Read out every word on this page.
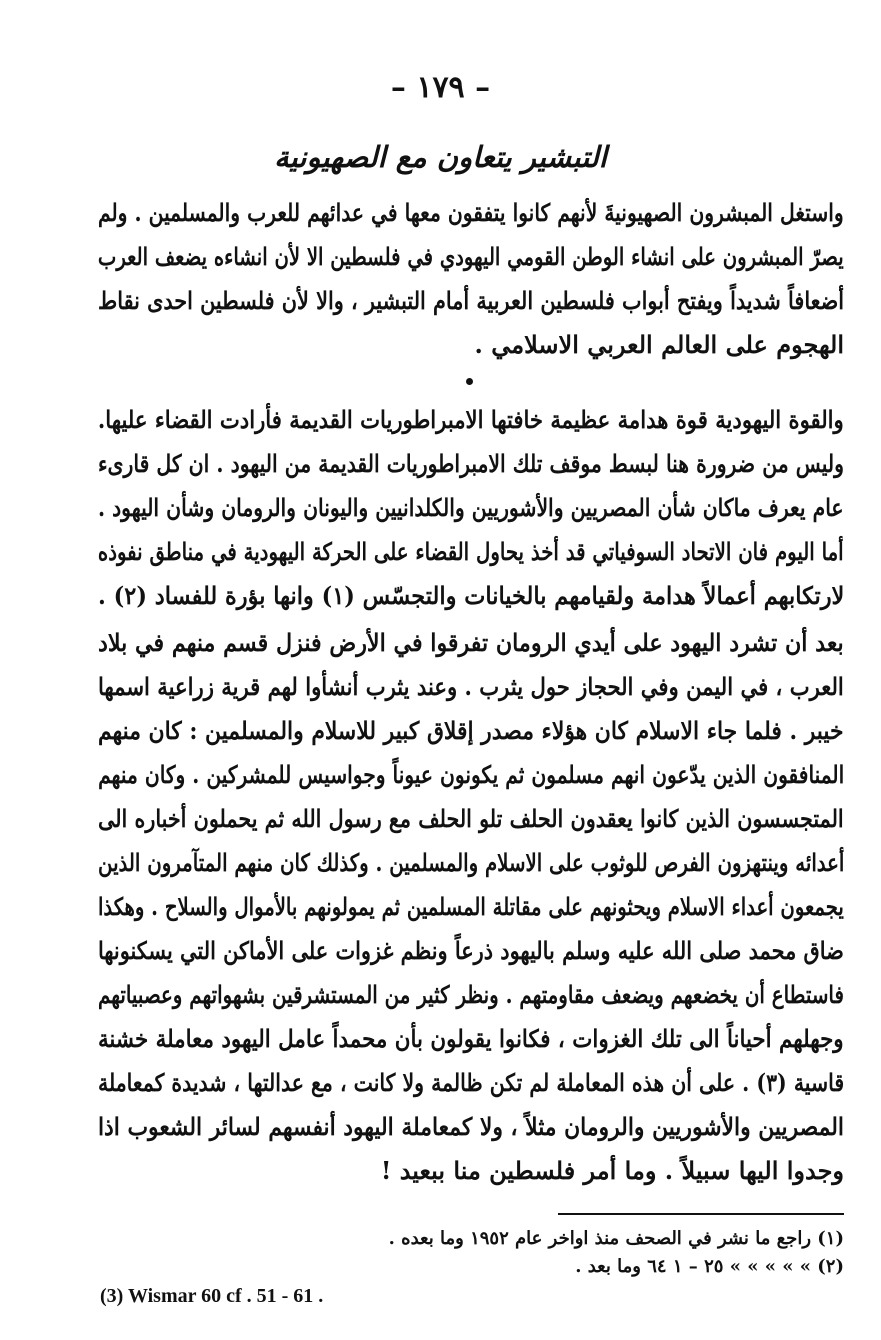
– ١٧٩ –
التبشير يتعاون مع الصهيونية
واستغل المبشرون الصهيونيةَ لأنهم كانوا يتفقون معها في عدائهم للعرب والمسلمين . ولم
يصرّ المبشرون على انشاء الوطن القومي اليهودي في فلسطين الا لأن انشاءه يضعف العرب
أضعافاً شديداً ويفتح أبواب فلسطين العربية أمام التبشير ، والا لأن فلسطين احدى نقاط
الهجوم على العالم العربي الاسلامي .
والقوة اليهودية قوة هدامة عظيمة خافتها الامبراطوريات القديمة فأرادت القضاء عليها.
وليس من ضرورة هنا لبسط موقف تلك الامبراطوريات القديمة من اليهود . ان كل قارىء
عام يعرف ماكان شأن المصريين والأشوريين والكلدانيين واليونان والرومان وشأن اليهود .
أما اليوم فان الاتحاد السوفياتي قد أخذ يحاول القضاء على الحركة اليهودية في مناطق نفوذه
لارتكابهم أعمالاً هدامة ولقيامهم بالخيانات والتجسّس (١) وانها بؤرة للفساد (٢) .
بعد أن تشرد اليهود على أيدي الرومان تفرقوا في الأرض فنزل قسم منهم في بلاد
العرب ، في اليمن وفي الحجاز حول يثرب . وعند يثرب أنشأوا لهم قرية زراعية اسمها
خيبر . فلما جاء الاسلام كان هؤلاء مصدر إقلاق كبير للاسلام والمسلمين : كان منهم
المنافقون الذين يدّعون انهم مسلمون ثم يكونون عيوناً وجواسيس للمشركين . وكان منهم
المتجسسون الذين كانوا يعقدون الحلف تلو الحلف مع رسول الله ثم يحملون أخباره الى
أعدائه وينتهزون الفرص للوثوب على الاسلام والمسلمين . وكذلك كان منهم المتآمرون الذين
يجمعون أعداء الاسلام ويحثونهم على مقاتلة المسلمين ثم يمولونهم بالأموال والسلاح . وهكذا
ضاق محمد صلى الله عليه وسلم باليهود ذرعاً ونظم غزوات على الأماكن التي يسكنونها
فاستطاع أن يخضعهم ويضعف مقاومتهم . ونظر كثير من المستشرقين بشهواتهم وعصبياتهم
وجهلهم أحياناً الى تلك الغزوات ، فكانوا يقولون بأن محمداً عامل اليهود معاملة خشنة
قاسية (٣) . على أن هذه المعاملة لم تكن ظالمة ولا كانت ، مع عدالتها ، شديدة كمعاملة
المصريين والأشوريين والرومان مثلاً ، ولا كمعاملة اليهود أنفسهم لسائر الشعوب اذا
وجدوا اليها سبيلاً . وما أمر فلسطين منا ببعيد !
(١) راجع ما نشر في الصحف منذ اواخر عام ١٩٥٢ وما بعده .
(٢) » » » » » ٢٥ – ١ ٦٤ وما بعد .
(3) Wismar 60 cf . 51 - 61 .
